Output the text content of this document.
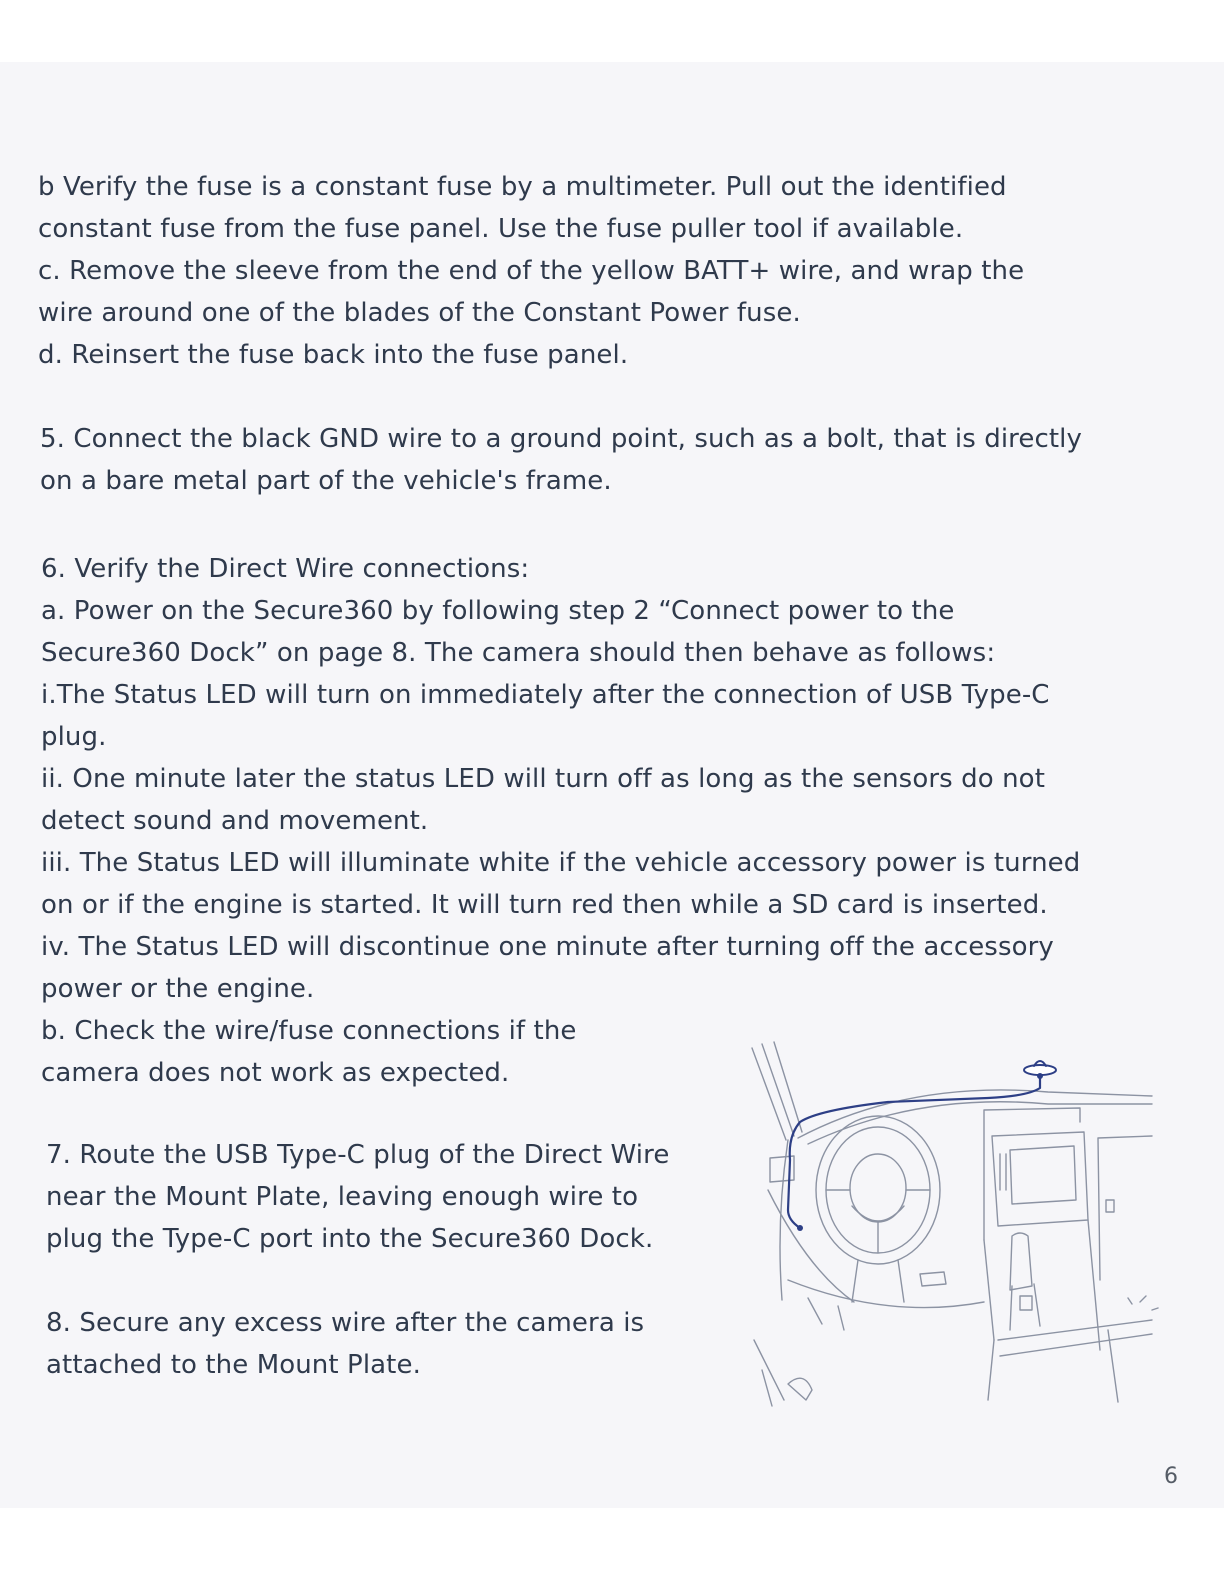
b Verify the fuse is a constant fuse by a multimeter. Pull out the identified

constant fuse from the fuse panel. Use the fuse puller tool if available.

c. Remove the sleeve from the end of the yellow BATT+ wire, and wrap the

wire around one of the blades of the Constant Power fuse.

d. Reinsert the fuse back into the fuse panel.

5. Connect the black GND wire to a ground point, such as a bolt, that is directly

on a bare metal part of the vehicle's frame.

6. Verify the Direct Wire connections:

a. Power on the Secure360 by following step 2 “Connect power to the

Secure360 Dock” on page 8. The camera should then behave as follows:

i.The Status LED will turn on immediately after the connection of USB Type-C

plug.

ii. One minute later the status LED will turn off as long as the sensors do not

detect sound and movement.

iii. The Status LED will illuminate white if the vehicle accessory power is turned

on or if the engine is started. It will turn red then while a SD card is inserted.

iv. The Status LED will discontinue one minute after turning off the accessory

power or the engine.

b. Check the wire/fuse connections if the

camera does not work as expected.

7. Route the USB Type-C plug of the Direct Wire

near the Mount Plate, leaving enough wire to

plug the Type-C port into the Secure360 Dock.

8. Secure any excess wire after the camera is

attached to the Mount Plate.

6
